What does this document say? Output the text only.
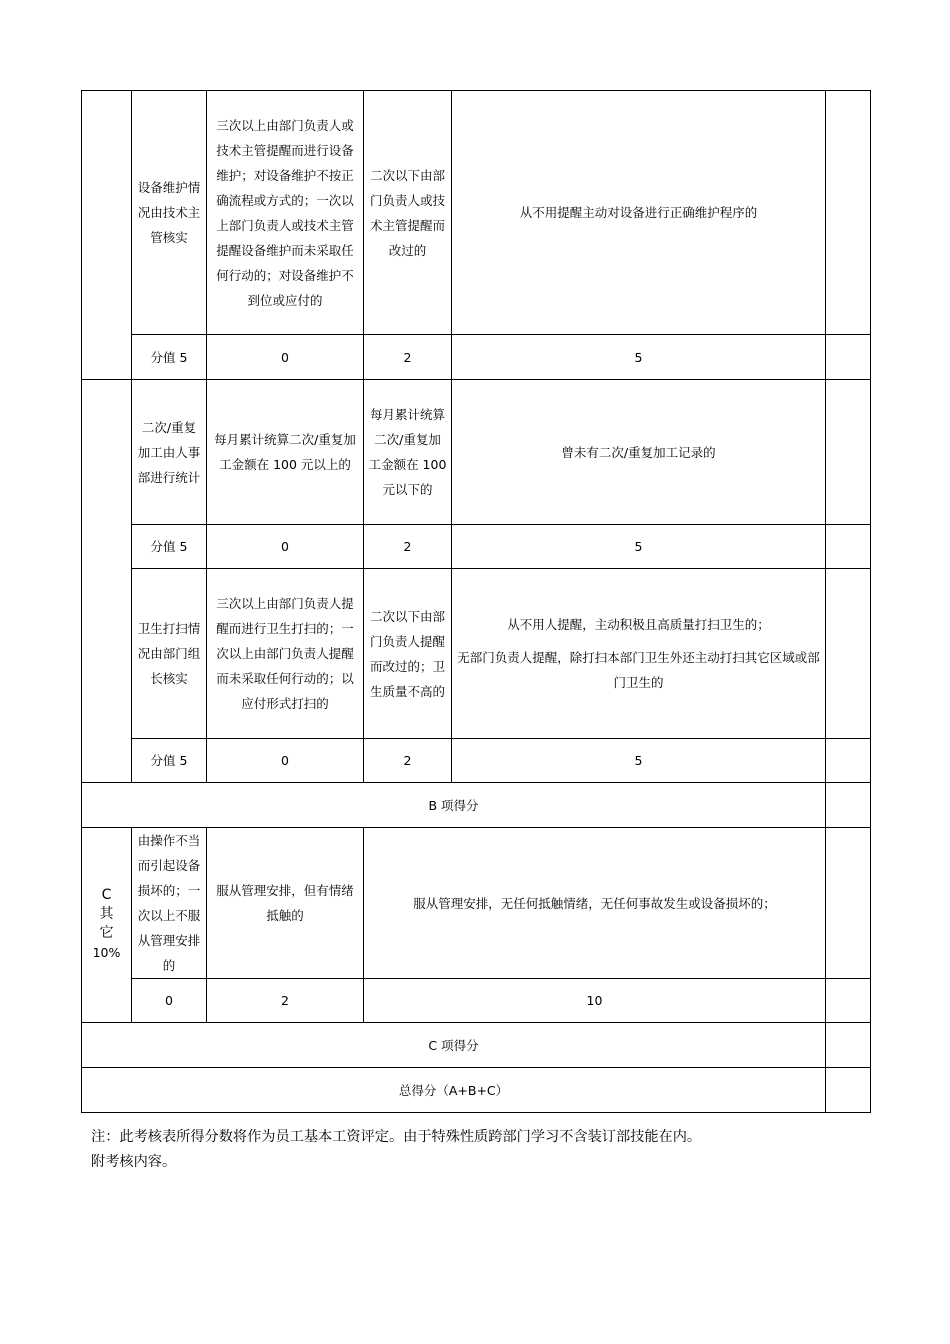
	设备维护情况由技术主管核实	三次以上由部门负责人或技术主管提醒而进行设备维护；对设备维护不按正确流程或方式的；一次以上部门负责人或技术主管提醒设备维护而未采取任何行动的；对设备维护不到位或应付的	二次以下由部门负责人或技术主管提醒而改过的	从不用提醒主动对设备进行正确维护程序的	
	分值 5	0	2	5	
	二次/重复加工由人事部进行统计	每月累计统算二次/重复加工金额在 100 元以上的	每月累计统算二次/重复加工金额在 100 元以下的	曾未有二次/重复加工记录的	
	分值 5	0	2	5	
	卫生打扫情况由部门组长核实	三次以上由部门负责人提醒而进行卫生打扫的；一次以上由部门负责人提醒而未采取任何行动的；以应付形式打扫的	二次以下由部门负责人提醒而改过的；卫生质量不高的	从不用人提醒，主动积极且高质量打扫卫生的；
无部门负责人提醒，除打扫本部门卫生外还主动打扫其它区域或部门卫生的	

	分值 5	0	2	5	
B 项得分					

C
其
它
10%	由操作不当而引起设备损坏的；一次以上不服从管理安排的	服从管理安排，但有情绪抵触的	服从管理安排，无任何抵触情绪，无任何事故发生或设备损坏的；		
	0	2	10		
C 项得分					
总得分（A+B+C）					

注：此考核表所得分数将作为员工基本工资评定。由于特殊性质跨部门学习不含装订部技能在内。

附考核内容。
